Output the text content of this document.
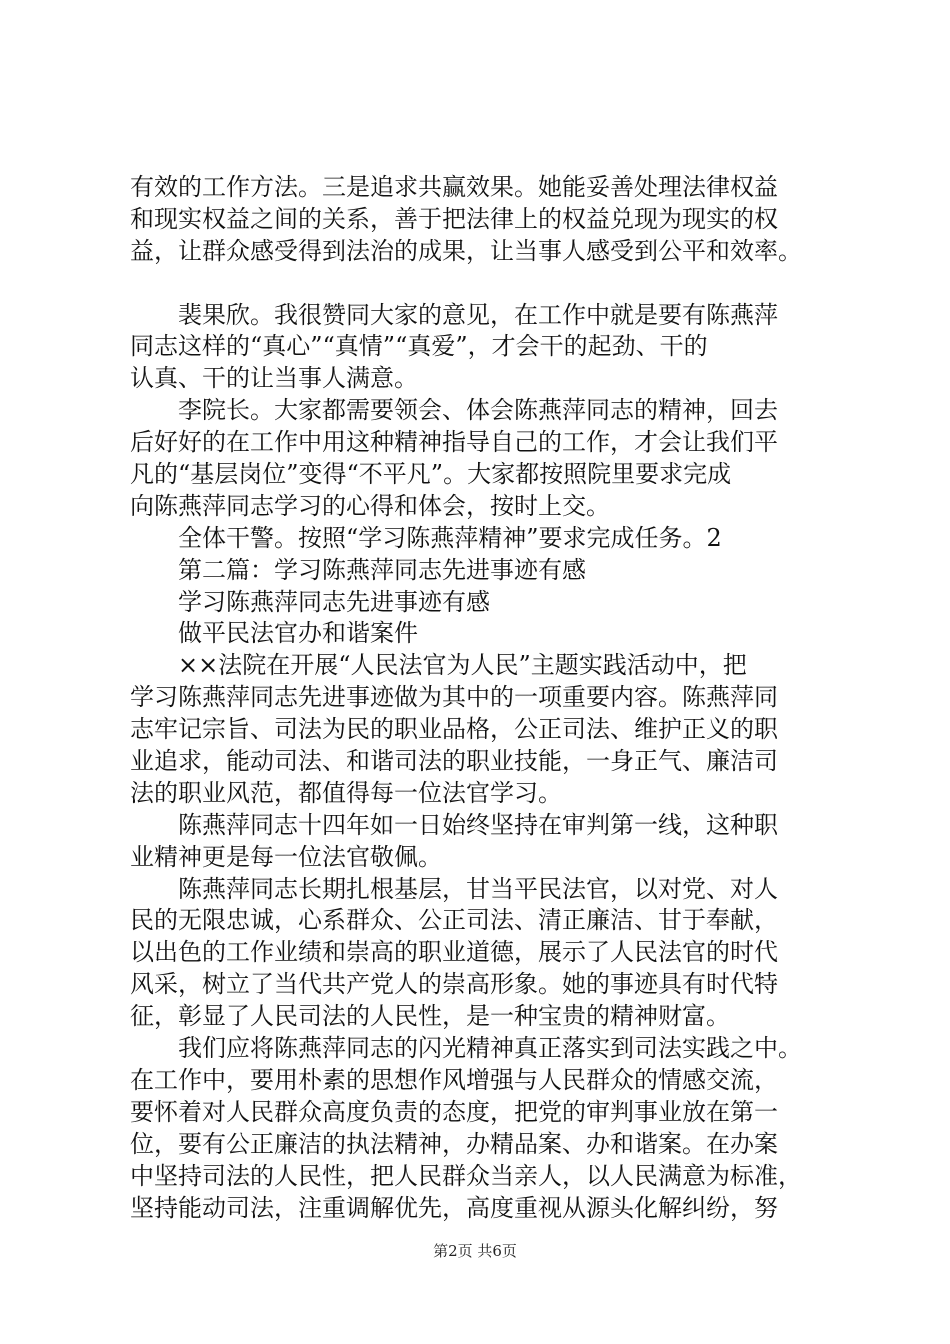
有效的工作方法。三是追求共赢效果。她能妥善处理法律权益
和现实权益之间的关系，善于把法律上的权益兑现为现实的权
益，让群众感受得到法治的成果，让当事人感受到公平和效率。
　　裴果欣。我很赞同大家的意见，在工作中就是要有陈燕萍
同志这样的“真心”“真情”“真爱”，才会干的起劲、干的
认真、干的让当事人满意。
　　李院长。大家都需要领会、体会陈燕萍同志的精神，回去
后好好的在工作中用这种精神指导自己的工作，才会让我们平
凡的“基层岗位”变得“不平凡”。大家都按照院里要求完成
向陈燕萍同志学习的心得和体会，按时上交。
　　全体干警。按照“学习陈燕萍精神”要求完成任务。2
　　第二篇：学习陈燕萍同志先进事迹有感
　　学习陈燕萍同志先进事迹有感
　　做平民法官办和谐案件
　　××法院在开展“人民法官为人民”主题实践活动中，把
学习陈燕萍同志先进事迹做为其中的一项重要内容。陈燕萍同
志牢记宗旨、司法为民的职业品格，公正司法、维护正义的职
业追求，能动司法、和谐司法的职业技能，一身正气、廉洁司
法的职业风范，都值得每一位法官学习。
　　陈燕萍同志十四年如一日始终坚持在审判第一线，这种职
业精神更是每一位法官敬佩。
　　陈燕萍同志长期扎根基层，甘当平民法官，以对党、对人
民的无限忠诚，心系群众、公正司法、清正廉洁、甘于奉献，
以出色的工作业绩和崇高的职业道德，展示了人民法官的时代
风采，树立了当代共产党人的崇高形象。她的事迹具有时代特
征，彰显了人民司法的人民性，是一种宝贵的精神财富。
　　我们应将陈燕萍同志的闪光精神真正落实到司法实践之中。
在工作中，要用朴素的思想作风增强与人民群众的情感交流，
要怀着对人民群众高度负责的态度，把党的审判事业放在第一
位，要有公正廉洁的执法精神，办精品案、办和谐案。在办案
中坚持司法的人民性，把人民群众当亲人，以人民满意为标准，
坚持能动司法，注重调解优先，高度重视从源头化解纠纷，努
第2页 共6页
